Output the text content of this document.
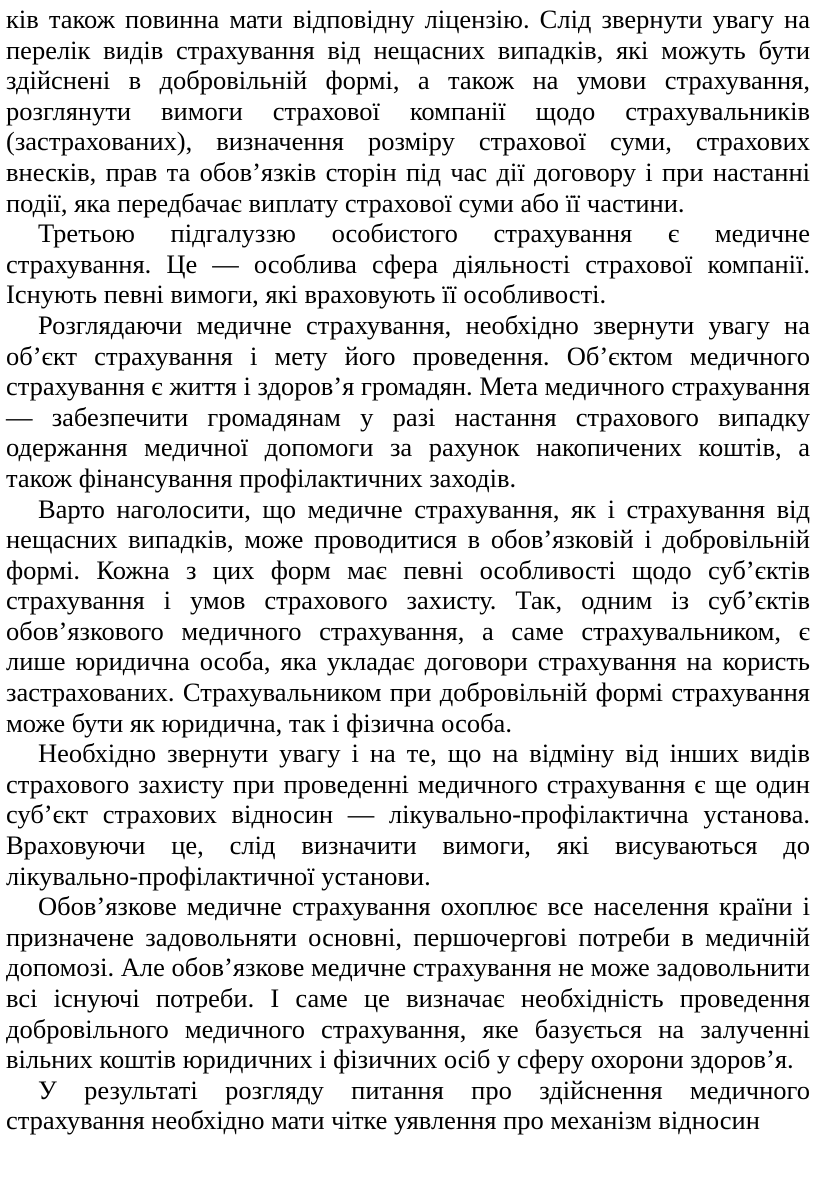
ків також повинна мати відповідну ліцензію. Слід звернути увагу на перелік видів страхування від нещасних випадків, які можуть бути здійснені в добровільній формі, а також на умови страхування, розглянути вимоги страхової компанії щодо страхувальників (застрахованих), визначення розміру страхової суми, страхових внесків, прав та обов’язків сторін під час дії договору і при настанні події, яка передбачає виплату страхової суми або її частини.

Третьою підгалуззю особистого страхування є медичне страхування. Це — особлива сфера діяльності страхової компанії. Існують певні вимоги, які враховують її особливості.

Розглядаючи медичне страхування, необхідно звернути увагу на об’єкт страхування і мету його проведення. Об’єктом медичного страхування є життя і здоров’я громадян. Мета медичного страхування — забезпечити громадянам у разі настання страхового випадку одержання медичної допомоги за рахунок накопичених коштів, а також фінансування профілактичних заходів.

Варто наголосити, що медичне страхування, як і страхування від нещасних випадків, може проводитися в обов’язковій і добровільній формі. Кожна з цих форм має певні особливості щодо суб’єктів страхування і умов страхового захисту. Так, одним із суб’єктів обов’язкового медичного страхування, а саме страхувальником, є лише юридична особа, яка укладає договори страхування на користь застрахованих. Страхувальником при добровільній формі страхування може бути як юридична, так і фізична особа.

Необхідно звернути увагу і на те, що на відміну від інших видів страхового захисту при проведенні медичного страхування є ще один суб’єкт страхових відносин — лікувально-профілактична установа. Враховуючи це, слід визначити вимоги, які висуваються до лікувально-профілактичної установи.

Обов’язкове медичне страхування охоплює все населення країни і призначене задовольняти основні, першочергові потреби в медичній допомозі. Але обов’язкове медичне страхування не може задовольнити всі існуючі потреби. І саме це визначає необхідність проведення добровільного медичного страхування, яке базується на залученні вільних коштів юридичних і фізичних осіб у сферу охорони здоров’я.

У результаті розгляду питання про здійснення медичного страхування необхідно мати чітке уявлення про механізм відносин
